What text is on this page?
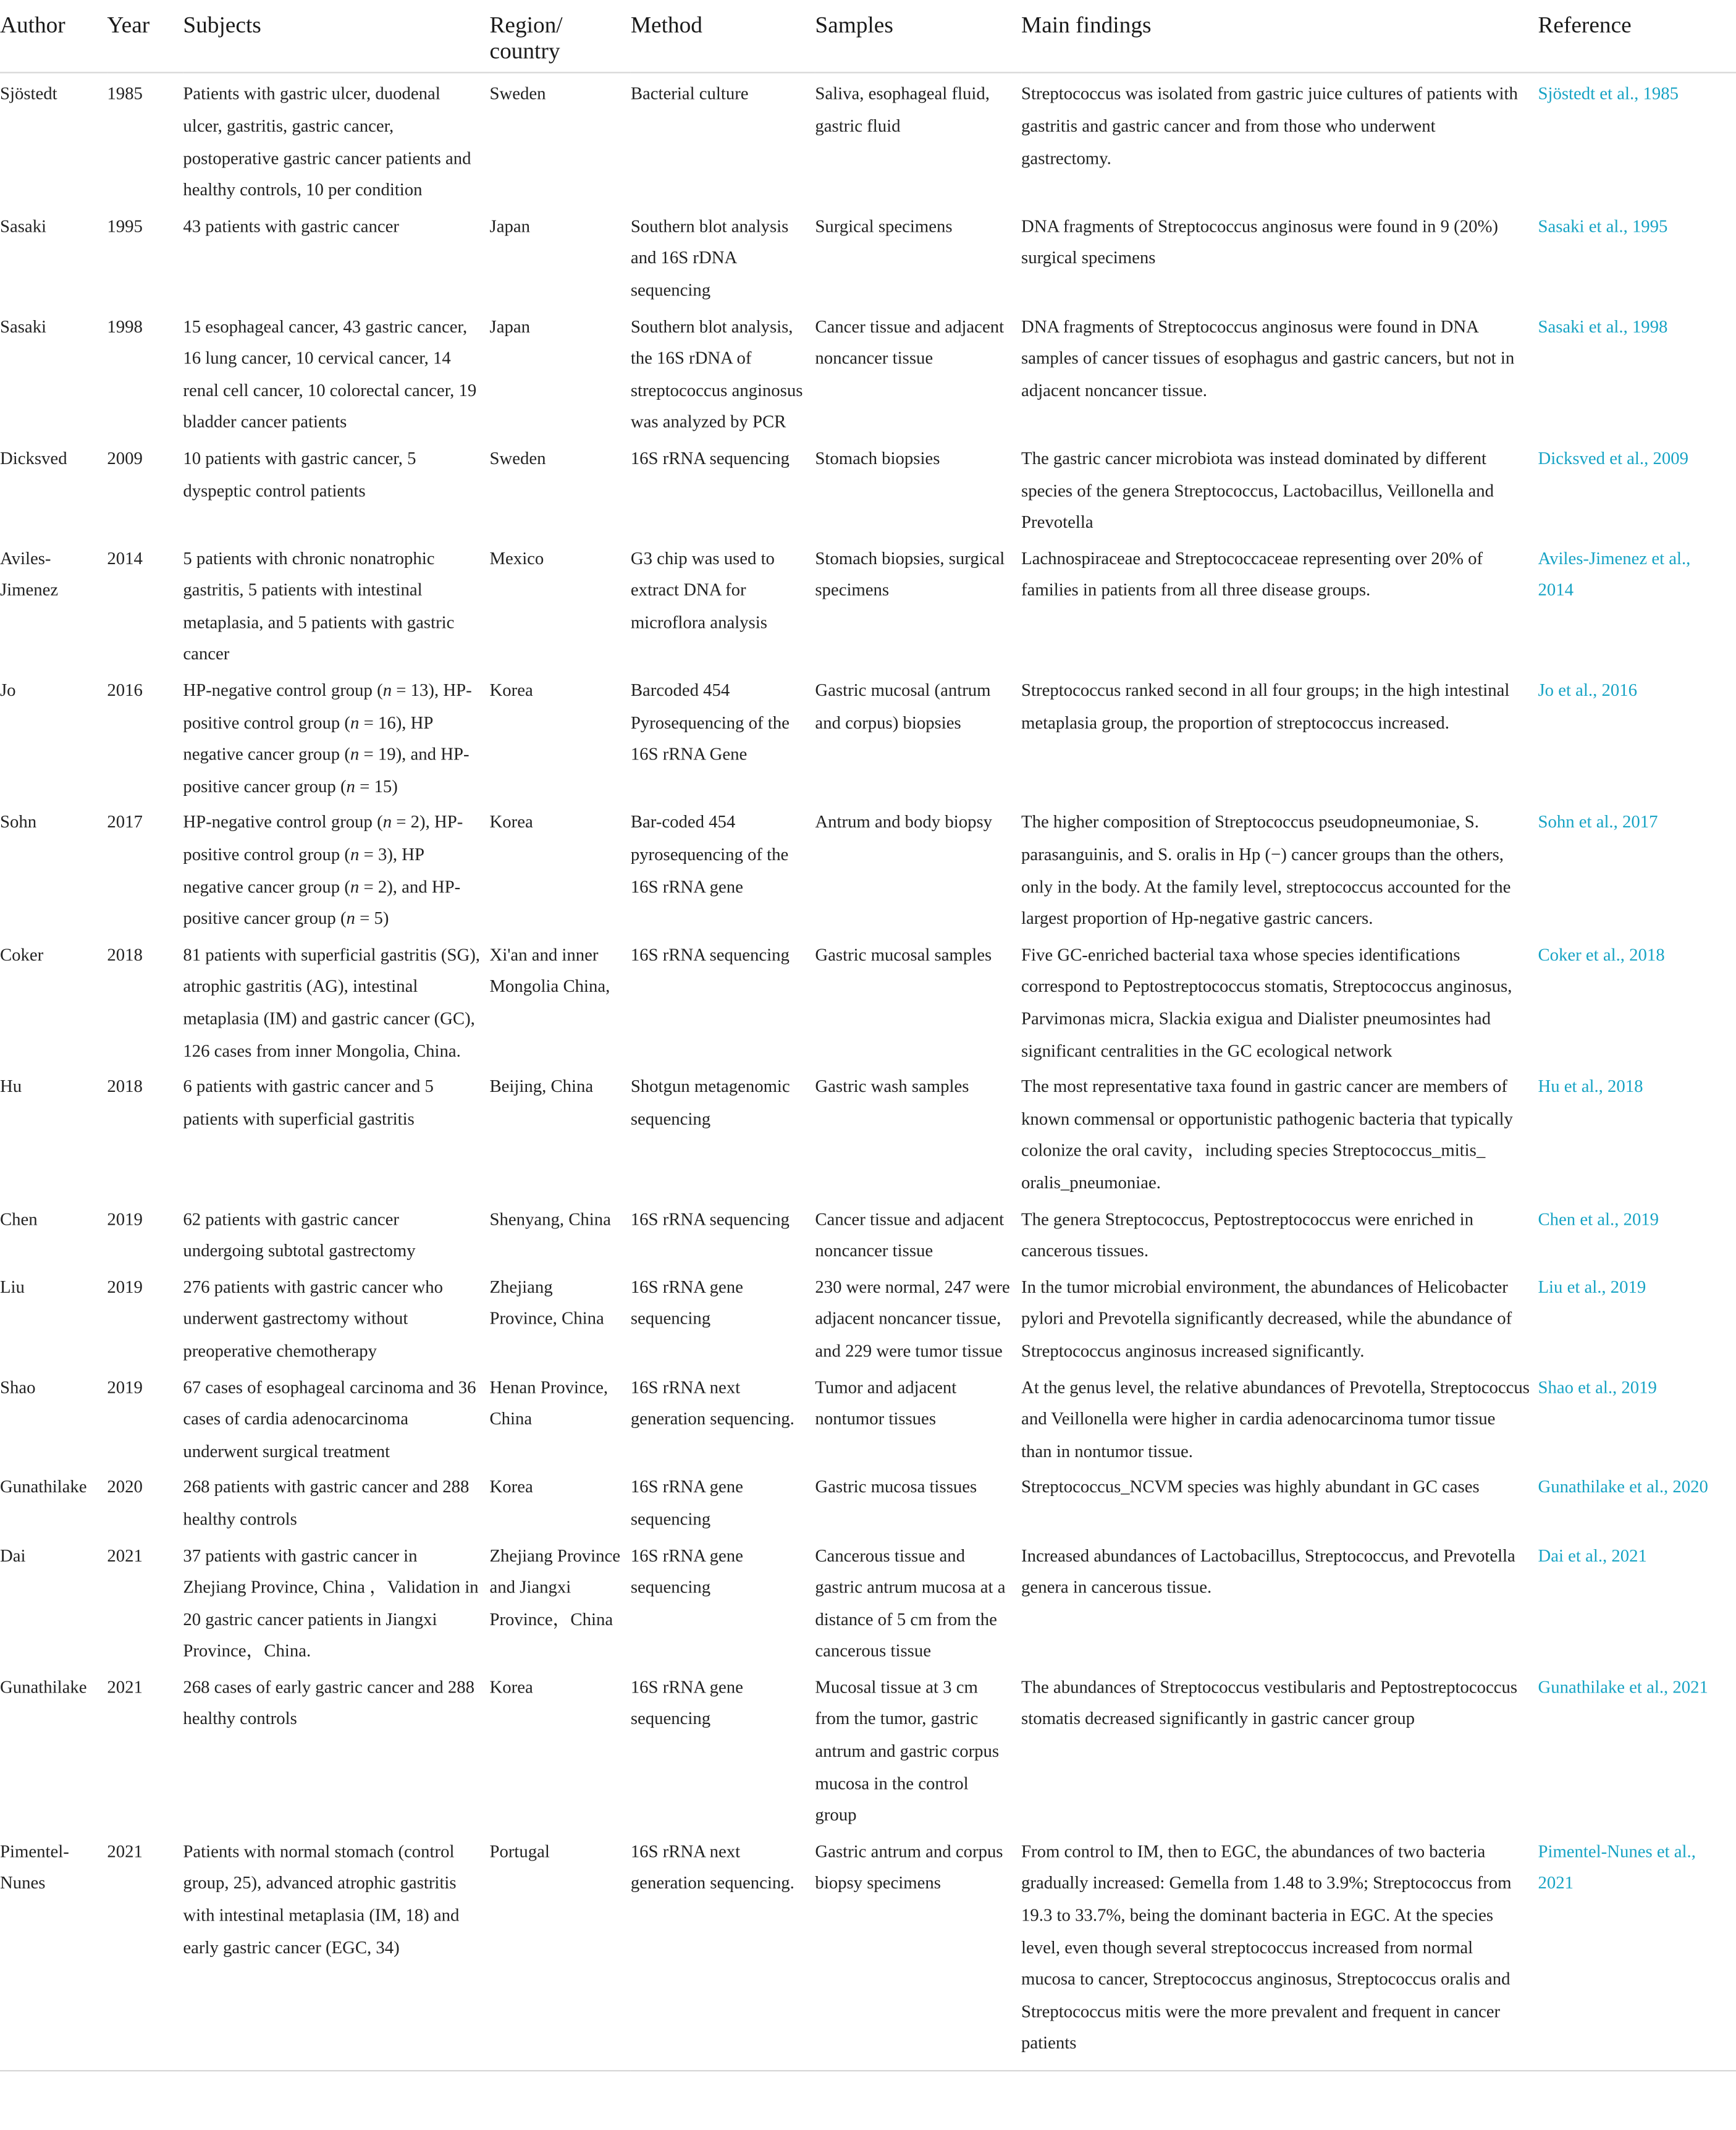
Author	Year	Subjects	Region/ country	Method	Samples	Main findings	Reference
Sjöstedt	1985	Patients with gastric ulcer, duodenal ulcer, gastritis, gastric cancer, postoperative gastric cancer patients and healthy controls, 10 per condition	Sweden	Bacterial culture	Saliva, esophageal fluid, gastric fluid	Streptococcus was isolated from gastric juice cultures of patients with gastritis and gastric cancer and from those who underwent gastrectomy.	Sjöstedt et al., 1985
Sasaki	1995	43 patients with gastric cancer	Japan	Southern blot analysis and 16S rDNA sequencing	Surgical specimens	DNA fragments of Streptococcus anginosus were found in 9 (20%) surgical specimens	Sasaki et al., 1995
Sasaki	1998	15 esophageal cancer, 43 gastric cancer, 16 lung cancer, 10 cervical cancer, 14 renal cell cancer, 10 colorectal cancer, 19 bladder cancer patients	Japan	Southern blot analysis, the 16S rDNA of streptococcus anginosus was analyzed by PCR	Cancer tissue and adjacent noncancer tissue	DNA fragments of Streptococcus anginosus were found in DNA samples of cancer tissues of esophagus and gastric cancers, but not in adjacent noncancer tissue.	Sasaki et al., 1998
Dicksved	2009	10 patients with gastric cancer, 5 dyspeptic control patients	Sweden	16S rRNA sequencing	Stomach biopsies	The gastric cancer microbiota was instead dominated by different species of the genera Streptococcus, Lactobacillus, Veillonella and Prevotella	Dicksved et al., 2009
Aviles-Jimenez	2014	5 patients with chronic nonatrophic gastritis, 5 patients with intestinal metaplasia, and 5 patients with gastric cancer	Mexico	G3 chip was used to extract DNA for microflora analysis	Stomach biopsies, surgical specimens	Lachnospiraceae and Streptococcaceae representing over 20% of families in patients from all three disease groups.	Aviles-Jimenez et al., 2014
Jo	2016	HP-negative control group (n = 13), HP-positive control group (n = 16), HP negative cancer group (n = 19), and HP-positive cancer group (n = 15)	Korea	Barcoded 454 Pyrosequencing of the 16S rRNA Gene	Gastric mucosal (antrum and corpus) biopsies	Streptococcus ranked second in all four groups; in the high intestinal metaplasia group, the proportion of streptococcus increased.	Jo et al., 2016
Sohn	2017	HP-negative control group (n = 2), HP-positive control group (n = 3), HP negative cancer group (n = 2), and HP-positive cancer group (n = 5)	Korea	Bar-coded 454 pyrosequencing of the 16S rRNA gene	Antrum and body biopsy	The higher composition of Streptococcus pseudopneumoniae, S. parasanguinis, and S. oralis in Hp (−) cancer groups than the others, only in the body. At the family level, streptococcus accounted for the largest proportion of Hp-negative gastric cancers.	Sohn et al., 2017
Coker	2018	81 patients with superficial gastritis (SG), atrophic gastritis (AG), intestinal metaplasia (IM) and gastric cancer (GC), 126 cases from inner Mongolia, China.	Xi'an and inner Mongolia China,	16S rRNA sequencing	Gastric mucosal samples	Five GC-enriched bacterial taxa whose species identifications correspond to Peptostreptococcus stomatis, Streptococcus anginosus, Parvimonas micra, Slackia exigua and Dialister pneumosintes had significant centralities in the GC ecological network	Coker et al., 2018
Hu	2018	6 patients with gastric cancer and 5 patients with superficial gastritis	Beijing, China	Shotgun metagenomic sequencing	Gastric wash samples	The most representative taxa found in gastric cancer are members of known commensal or opportunistic pathogenic bacteria that typically colonize the oral cavity，including species Streptococcus_mitis_ oralis_pneumoniae.	Hu et al., 2018
Chen	2019	62 patients with gastric cancer undergoing subtotal gastrectomy	Shenyang, China	16S rRNA sequencing	Cancer tissue and adjacent noncancer tissue	The genera Streptococcus, Peptostreptococcus were enriched in cancerous tissues.	Chen et al., 2019
Liu	2019	276 patients with gastric cancer who underwent gastrectomy without preoperative chemotherapy	Zhejiang Province, China	16S rRNA gene sequencing	230 were normal, 247 were adjacent noncancer tissue, and 229 were tumor tissue	In the tumor microbial environment, the abundances of Helicobacter pylori and Prevotella significantly decreased, while the abundance of Streptococcus anginosus increased significantly.	Liu et al., 2019
Shao	2019	67 cases of esophageal carcinoma and 36 cases of cardia adenocarcinoma underwent surgical treatment	Henan Province, China	16S rRNA next generation sequencing.	Tumor and adjacent nontumor tissues	At the genus level, the relative abundances of Prevotella, Streptococcus and Veillonella were higher in cardia adenocarcinoma tumor tissue than in nontumor tissue.	Shao et al., 2019
Gunathilake	2020	268 patients with gastric cancer and 288 healthy controls	Korea	16S rRNA gene sequencing	Gastric mucosa tissues	Streptococcus_NCVM species was highly abundant in GC cases	Gunathilake et al., 2020
Dai	2021	37 patients with gastric cancer in Zhejiang Province, China ，Validation in 20 gastric cancer patients in Jiangxi Province，China.	Zhejiang Province and Jiangxi Province，China	16S rRNA gene sequencing	Cancerous tissue and gastric antrum mucosa at a distance of 5 cm from the cancerous tissue	Increased abundances of Lactobacillus, Streptococcus, and Prevotella genera in cancerous tissue.	Dai et al., 2021
Gunathilake	2021	268 cases of early gastric cancer and 288 healthy controls	Korea	16S rRNA gene sequencing	Mucosal tissue at 3 cm from the tumor, gastric antrum and gastric corpus mucosa in the control group	The abundances of Streptococcus vestibularis and Peptostreptococcus stomatis decreased significantly in gastric cancer group	Gunathilake et al., 2021
Pimentel-Nunes	2021	Patients with normal stomach (control group, 25), advanced atrophic gastritis with intestinal metaplasia (IM, 18) and early gastric cancer (EGC, 34)	Portugal	16S rRNA next generation sequencing.	Gastric antrum and corpus biopsy specimens	From control to IM, then to EGC, the abundances of two bacteria gradually increased: Gemella from 1.48 to 3.9%; Streptococcus from 19.3 to 33.7%, being the dominant bacteria in EGC. At the species level, even though several streptococcus increased from normal mucosa to cancer, Streptococcus anginosus, Streptococcus oralis and Streptococcus mitis were the more prevalent and frequent in cancer patients	Pimentel-Nunes et al., 2021
